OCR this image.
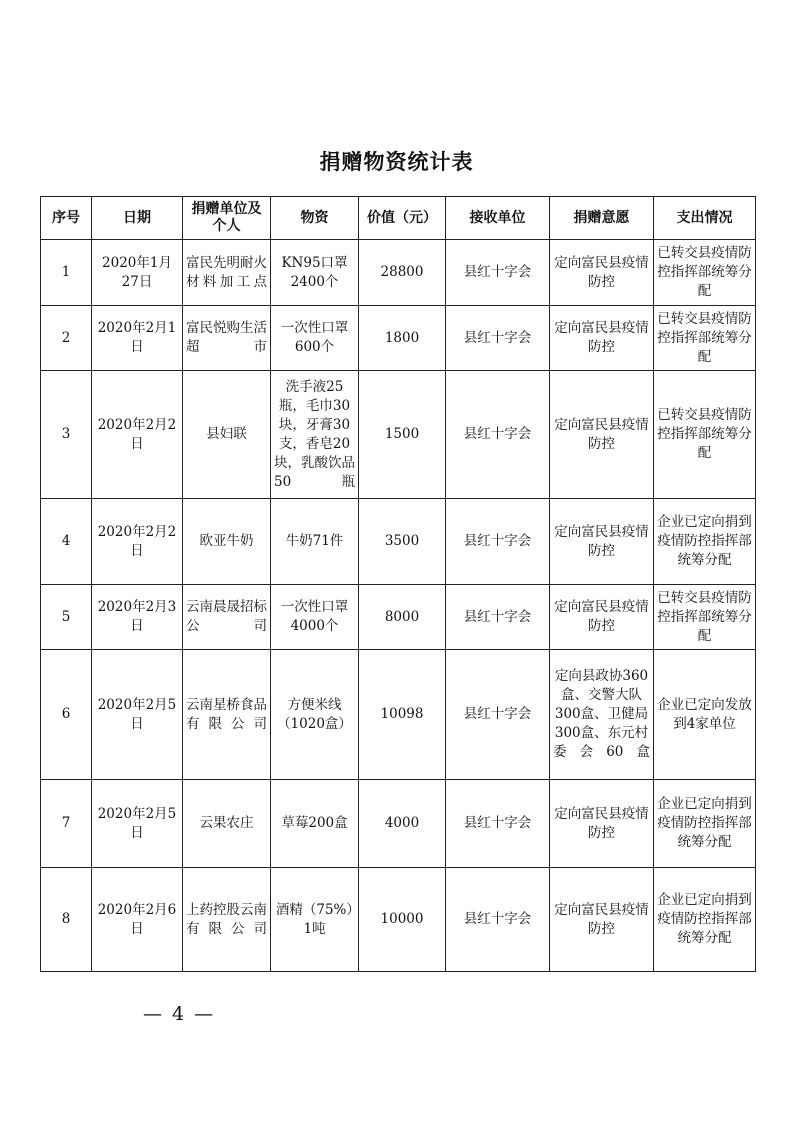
捐赠物资统计表
序号	日期	捐赠单位及个人	物资	价值（元）	接收单位	捐赠意愿	支出情况
1	2020年1月27日	富民先明耐火材料加工点	KN95口罩2400个	28800	县红十字会	定向富民县疫情防控	已转交县疫情防控指挥部统筹分配
2	2020年2月1日	富民悦购生活超市	一次性口罩600个	1800	县红十字会	定向富民县疫情防控	已转交县疫情防控指挥部统筹分配
3	2020年2月2日	县妇联	洗手液25瓶，毛巾30块，牙膏30支，香皂20块，乳酸饮品50瓶	1500	县红十字会	定向富民县疫情防控	已转交县疫情防控指挥部统筹分配
4	2020年2月2日	欧亚牛奶	牛奶71件	3500	县红十字会	定向富民县疫情防控	企业已定向捐到疫情防控指挥部统筹分配
5	2020年2月3日	云南晨晟招标公司	一次性口罩4000个	8000	县红十字会	定向富民县疫情防控	已转交县疫情防控指挥部统筹分配
6	2020年2月5日	云南星桥食品有限公司	方便米线（1020盒）	10098	县红十字会	定向县政协360盒、交警大队300盒、卫健局 300盒、东元村委会60盒	企业已定向发放到4家单位
7	2020年2月5日	云果农庄	草莓200盒	4000	县红十字会	定向富民县疫情防控	企业已定向捐到疫情防控指挥部统筹分配
8	2020年2月6日	上药控股云南有限公司	酒精（75%）1吨	10000	县红十字会	定向富民县疫情防控	企业已定向捐到疫情防控指挥部统筹分配
— 4 —
